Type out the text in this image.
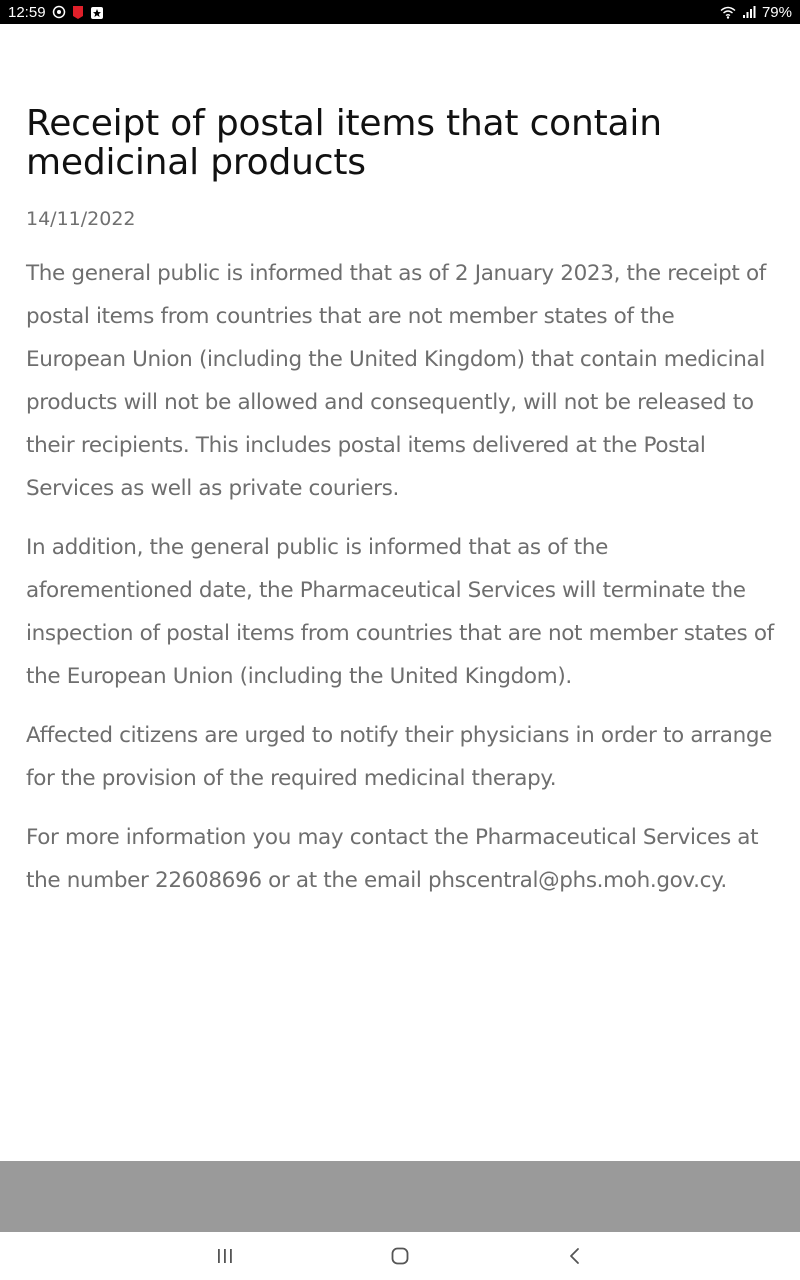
12:59	79%
Receipt of postal items that contain medicinal products
14/11/2022

The general public is informed that as of 2 January 2023, the receipt of postal items from countries that are not member states of the European Union (including the United Kingdom) that contain medicinal products will not be allowed and consequently, will not be released to their recipients. This includes postal items delivered at the Postal Services as well as private couriers.

In addition, the general public is informed that as of the aforementioned date, the Pharmaceutical Services will terminate the inspection of postal items from countries that are not member states of the European Union (including the United Kingdom).

Affected citizens are urged to notify their physicians in order to arrange for the provision of the required medicinal therapy.

For more information you may contact the Pharmaceutical Services at the number 22608696 or at the email phscentral@phs.moh.gov.cy.
